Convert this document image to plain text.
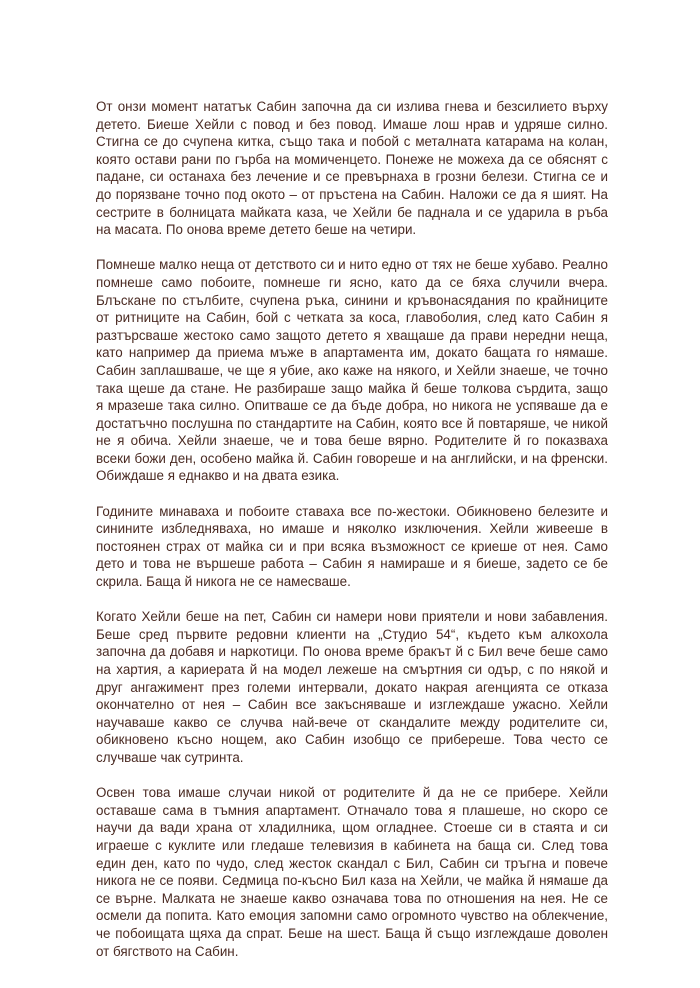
От онзи момент нататък Сабин започна да си излива гнева и безсилието върху
детето. Биеше Хейли с повод и без повод. Имаше лош нрав и удряше силно.
Стигна се до счупена китка, също така и побой с металната катарама на колан,
която остави рани по гърба на момиченцето. Понеже не можеха да се обяснят с
падане, си останаха без лечение и се превърнаха в грозни белези. Стигна се и
до порязване точно под окото – от пръстена на Сабин. Наложи се да я шият. На
сестрите в болницата майката каза, че Хейли бе паднала и се ударила в ръба
на масата. По онова време детето беше на четири.
Помнеше малко неща от детството си и нито едно от тях не беше хубаво. Реално
помнеше само побоите, помнеше ги ясно, като да се бяха случили вчера.
Блъскане по стълбите, счупена ръка, синини и кръвонасядания по крайниците
от ритниците на Сабин, бой с четката за коса, главоболия, след като Сабин я
разтърсваше жестоко само защото детето я хващаше да прави нередни неща,
като например да приема мъже в апартамента им, докато бащата го нямаше.
Сабин заплашваше, че ще я убие, ако каже на някого, и Хейли знаеше, че точно
така щеше да стане. Не разбираше защо майка й беше толкова сърдита, защо
я мразеше така силно. Опитваше се да бъде добра, но никога не успяваше да е
достатъчно послушна по стандартите на Сабин, която все й повтаряше, че никой
не я обича. Хейли знаеше, че и това беше вярно. Родителите й го показваха
всеки божи ден, особено майка й. Сабин говореше и на английски, и на френски.
Обиждаше я еднакво и на двата езика.
Годините минаваха и побоите ставаха все по-жестоки. Обикновено белезите и
синините избледняваха, но имаше и няколко изключения. Хейли живееше в
постоянен страх от майка си и при всяка възможност се криеше от нея. Само
дето и това не вършеше работа – Сабин я намираше и я биеше, задето се бе
скрила. Баща й никога не се намесваше.
Когато Хейли беше на пет, Сабин си намери нови приятели и нови забавления.
Беше сред първите редовни клиенти на „Студио 54“, където към алкохола
започна да добавя и наркотици. По онова време бракът й с Бил вече беше само
на хартия, а кариерата й на модел лежеше на смъртния си одър, с по някой и
друг ангажимент през големи интервали, докато накрая агенцията се отказа
окончателно от нея – Сабин все закъсняваше и изглеждаше ужасно. Хейли
научаваше какво се случва най-вече от скандалите между родителите си,
обикновено късно нощем, ако Сабин изобщо се прибереше. Това често се
случваше чак сутринта.
Освен това имаше случаи никой от родителите й да не се прибере. Хейли
оставаше сама в тъмния апартамент. Отначало това я плашеше, но скоро се
научи да вади храна от хладилника, щом огладнее. Стоеше си в стаята и си
играеше с куклите или гледаше телевизия в кабинета на баща си. След това
един ден, като по чудо, след жесток скандал с Бил, Сабин си тръгна и повече
никога не се появи. Седмица по-късно Бил каза на Хейли, че майка й нямаше да
се върне. Малката не знаеше какво означава това по отношения на нея. Не се
осмели да попита. Като емоция запомни само огромното чувство на облекчение,
че побоищата щяха да спрат. Беше на шест. Баща й също изглеждаше доволен
от бягството на Сабин.
